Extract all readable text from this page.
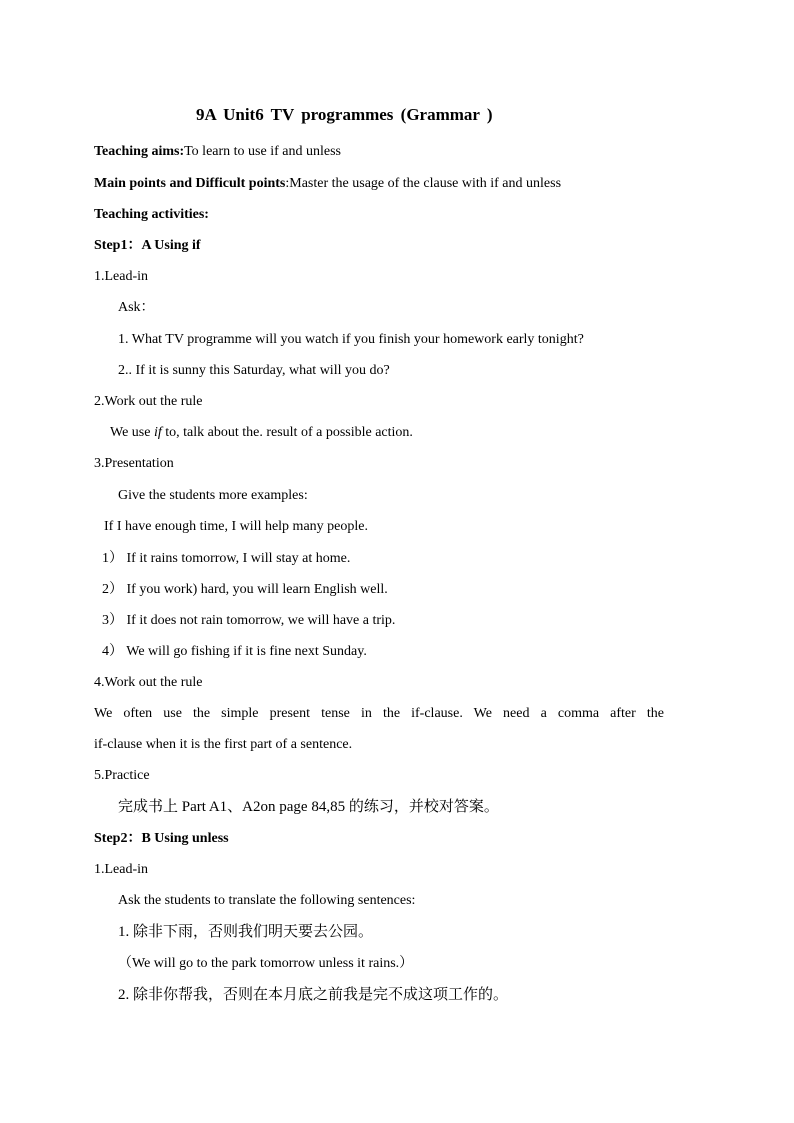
9A Unit6 TV programmes (Grammar )
Teaching aims:To learn to use if and unless
Main points and Difficult points:Master the usage of the clause with if and unless
Teaching activities:
Step1：A Using if
1.Lead-in
Ask：
1. What TV programme will you watch if you finish your homework early tonight?
2.. If it is sunny this Saturday, what will you do?
2.Work out the rule
We use if to, talk about the. result of a possible action.
3.Presentation
Give the students more examples:
If I have enough time, I will help many people.
1） If it rains tomorrow, I will stay at home.
2） If you work) hard, you will learn English well.
3） If it does not rain tomorrow, we will have a trip.
4） We will go fishing if it is fine next Sunday.
4.Work out the rule
We often use the simple present tense in the if-clause. We need a comma after the
if-clause when it is the first part of a sentence.
5.Practice
完成书上 Part A1、A2on page 84,85 的练习，并校对答案。
Step2：B Using unless
1.Lead-in
Ask the students to translate the following sentences:
1. 除非下雨，否则我们明天要去公园。
（We will go to the park tomorrow unless it rains.）
2. 除非你帮我，否则在本月底之前我是完不成这项工作的。
